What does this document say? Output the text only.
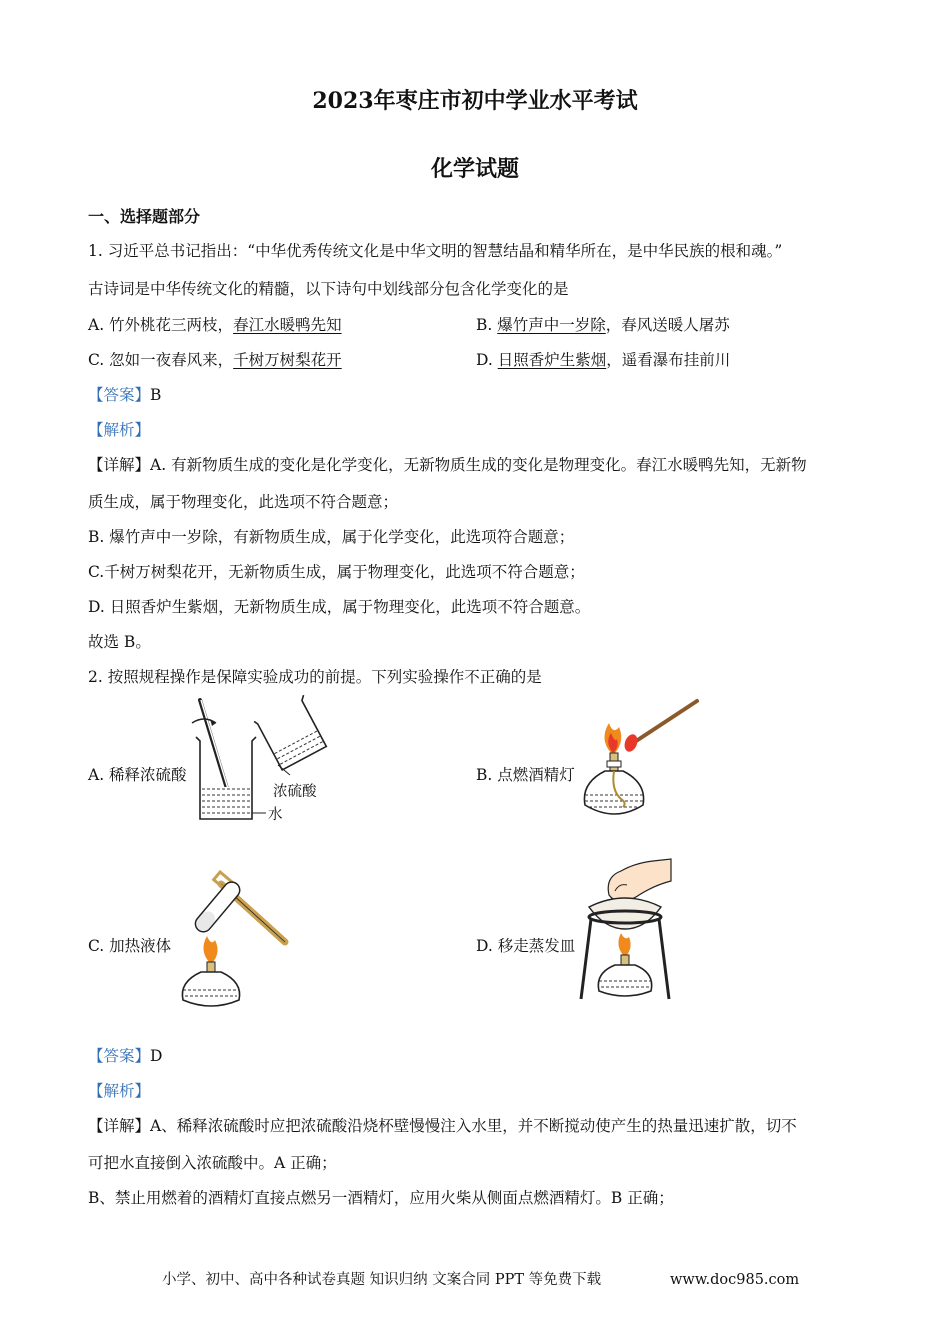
2023年枣庄市初中学业水平考试
化学试题
一、选择题部分
1. 习近平总书记指出：“中华优秀传统文化是中华文明的智慧结晶和精华所在，是中华民族的根和魂。”
古诗词是中华传统文化的精髓，以下诗句中划线部分包含化学变化的是
A. 竹外桃花三两枝，春江水暖鸭先知	B. 爆竹声中一岁除，春风送暖人屠苏
C. 忽如一夜春风来，千树万树梨花开	D. 日照香炉生紫烟，遥看瀑布挂前川
【答案】B
【解析】
【详解】A. 有新物质生成的变化是化学变化，无新物质生成的变化是物理变化。春江水暖鸭先知，无新物
质生成，属于物理变化，此选项不符合题意；
B. 爆竹声中一岁除，有新物质生成，属于化学变化，此选项符合题意；
C.千树万树梨花开，无新物质生成，属于物理变化，此选项不符合题意；
D. 日照香炉生紫烟，无新物质生成，属于物理变化，此选项不符合题意。
故选 B。
2. 按照规程操作是保障实验成功的前提。下列实验操作不正确的是
A. 稀释浓硫酸	B. 点燃酒精灯
C. 加热液体	D. 移走蒸发皿
浓硫酸
水
【答案】D
【解析】
【详解】A、稀释浓硫酸时应把浓硫酸沿烧杯壁慢慢注入水里，并不断搅动使产生的热量迅速扩散，切不
可把水直接倒入浓硫酸中。A 正确；
B、禁止用燃着的酒精灯直接点燃另一酒精灯，应用火柴从侧面点燃酒精灯。B 正确；
小学、初中、高中各种试卷真题 知识归纳 文案合同 PPT 等免费下载	www.doc985.com
